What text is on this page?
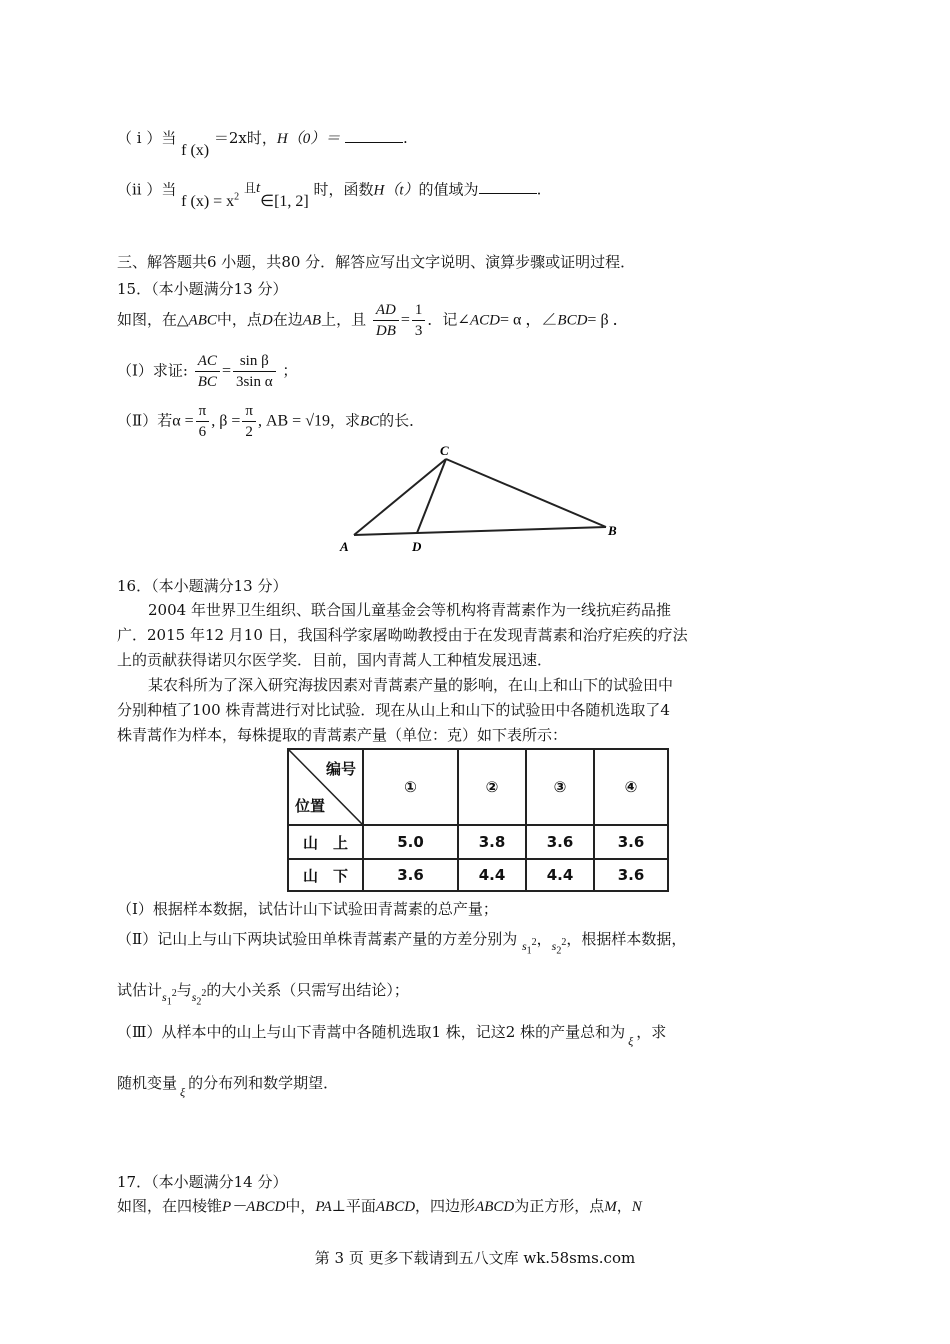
（ i ）当 f (x) ＝2x时，H（0）＝	.
（ii ）当 f $(x) = x^2$ 且t∈[1, 2] 时，函数H（t）的值域为	.
三、解答题共6 小题，共80 分．解答应写出文字说明、演算步骤或证明过程．
15．（本小题满分13 分）
如图，在△ABC中，点D在边AB上，且 $\frac{AD}{DB} = \frac{1}{3}$ ．记∠ACD= α ，∠BCD= β ．
（Ⅰ）求证: $\frac{AC}{BC} = \frac{\text{sin β}}{\text{3sin α}}$ ；
（Ⅱ）若$\alpha = \frac{\pi}{6}$ , $\beta = \frac{\pi}{2}$ , AB = √19，求BC的长．
A
C
D
B
16．（本小题满分13 分）
2004 年世界卫生组织、联合国儿童基金会等机构将青蒿素作为一线抗疟药品推
广．2015 年12 月10 日，我国科学家屠呦呦教授由于在发现青蒿素和治疗疟疾的疗法
上的贡献获得诺贝尔医学奖．目前，国内青蒿人工种植发展迅速．
某农科所为了深入研究海拔因素对青蒿素产量的影响，在山上和山下的试验田中
分别种植了100 株青蒿进行对比试验．现在从山上和山下的试验田中各随机选取了4
株青蒿作为样本，每株提取的青蒿素产量（单位：克）如下表所示：
编号
位置	①	②	③	④
山　上	5.0	3.8	3.6	3.6
山　下	3.6	4.4	4.4	3.6
（Ⅰ）根据样本数据，试估计山下试验田青蒿素的总产量；
（Ⅱ）记山上与山下两块试验田单株青蒿素产量的方差分别为 $_{s_1^2}$，$_{s_2^2}$，根据样本数据，
试估计$_{s_1^2}$与$_{s_2^2}$的大小关系（只需写出结论）；
（Ⅲ）从样本中的山上与山下青蒿中各随机选取1 株，记这2 株的产量总和为 $_\xi$ ，求
随机变量 $_\xi$ 的分布列和数学期望．
17．（本小题满分14 分）
如图，在四棱锥P－ABCD中，PA⊥平面ABCD，四边形ABCD为正方形，点M，N
第 3 页 更多下载请到五八文库 wk.58sms.com
